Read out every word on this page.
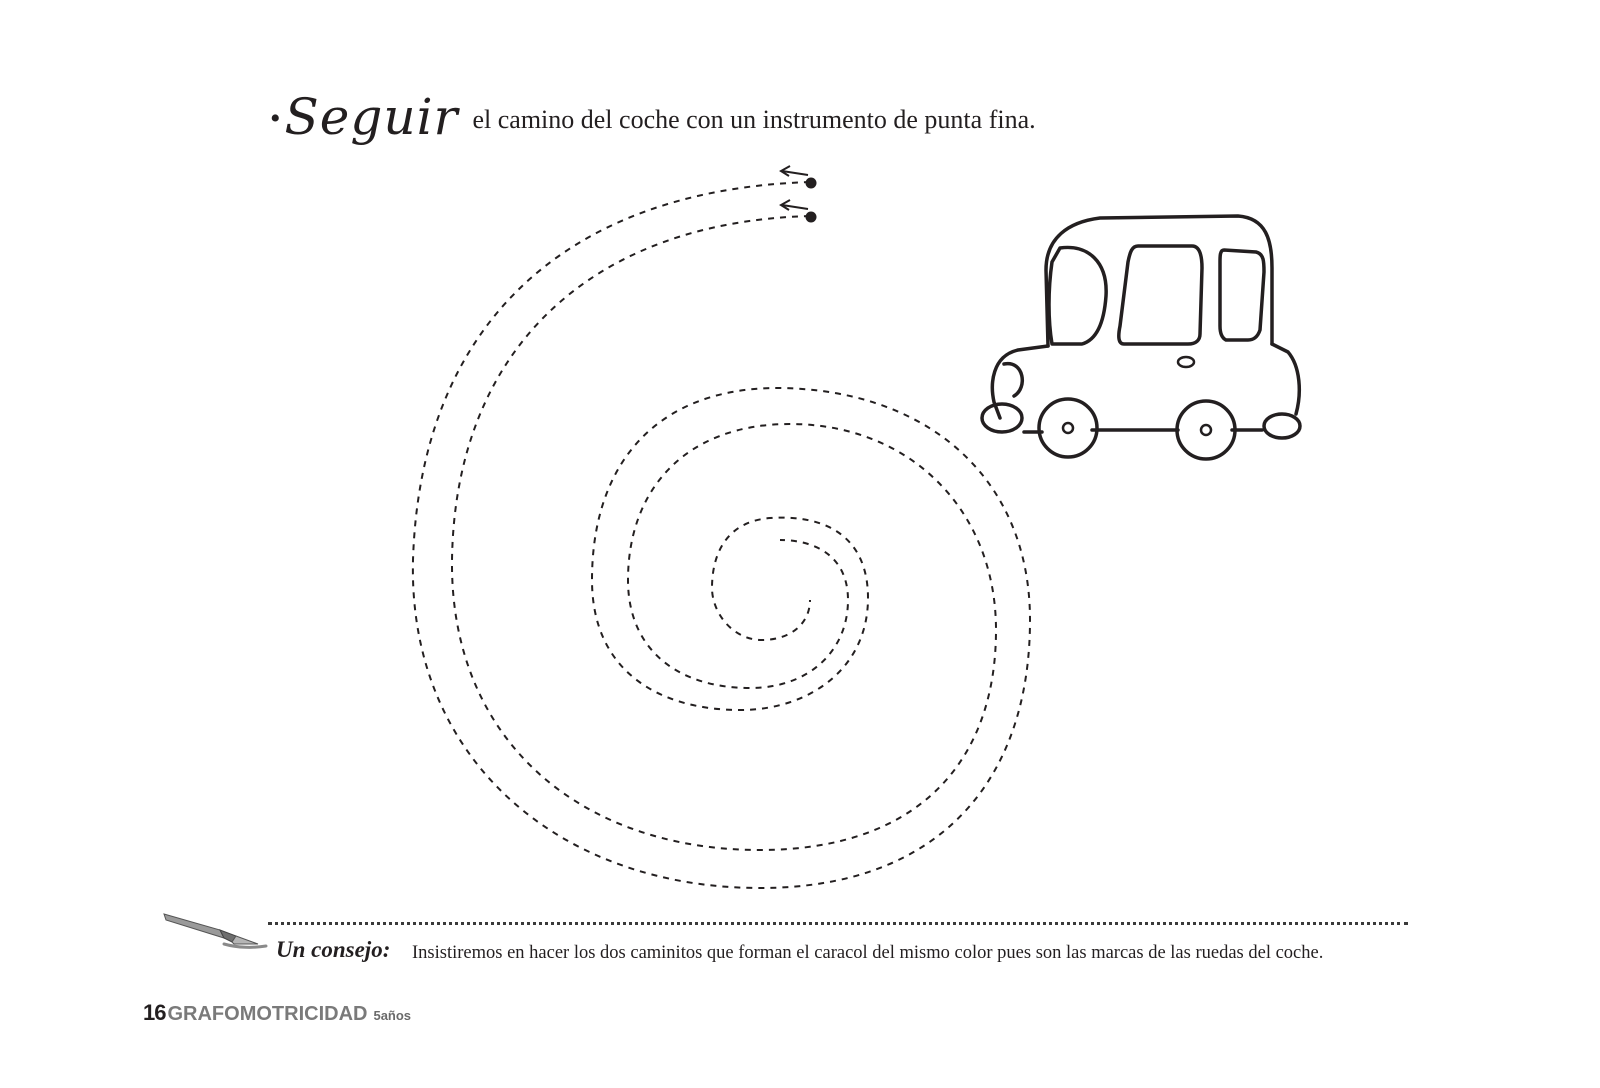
•Seguir el camino del coche con un instrumento de punta fina.
Un consejo: Insistiremos en hacer los dos caminitos que forman el caracol del mismo color pues son las marcas de las ruedas del coche.
16 GRAFOMOTRICIDAD 5años
